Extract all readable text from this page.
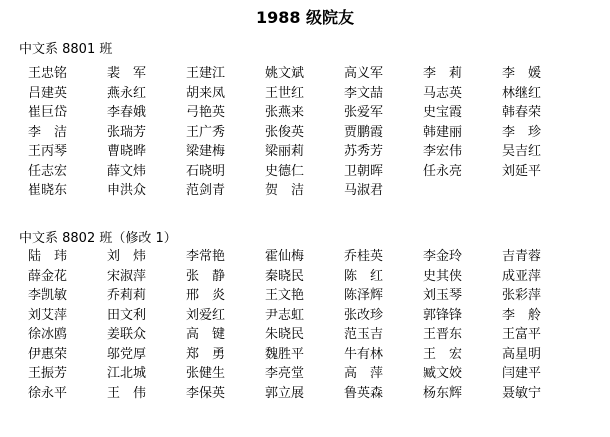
1988 级院友
中文系 8801 班
王忠铭	裴　军	王建江	姚文斌	高义军	李　莉	李　媛
吕建英	燕永红	胡来凤	王世红	李文喆	马志英	林继红
崔巨岱	李春娥	弓艳英	张燕来	张爱军	史宝霞	韩春荣
李　洁	张瑞芳	王广秀	张俊英	贾鹏霞	韩建丽	李　珍
王丙琴	曹晓晔	梁建梅	梁丽莉	苏秀芳	李宏伟	吴吉红
任志宏	薛文炜	石晓明	史德仁	卫朝晖	任永亮	刘延平
崔晓东	申洪众	范剑青	贺　洁	马淑君
中文系 8802 班（修改 1）
陆　玮	刘　炜	李常艳	霍仙梅	乔桂英	李金玲	吉青蓉
薛金花	宋淑萍	张　静	秦晓民	陈　红	史其侠	成亚萍
李凯敏	乔莉莉	邢　炎	王文艳	陈泽辉	刘玉琴	张彩萍
刘艾萍	田文利	刘爱红	尹志虹	张改珍	郭锋锋	李　舲
徐冰鸥	姜联众	高　键	朱晓民	范玉吉	王晋东	王富平
伊惠荣	邬党厚	郑　勇	魏胜平	牛有林	王　宏	高星明
王振芳	江北城	张健生	李亮堂	高　萍	臧文姣	闫建平
徐永平	王　伟	李保英	郭立展	鲁英森	杨东辉	聂敏宁
